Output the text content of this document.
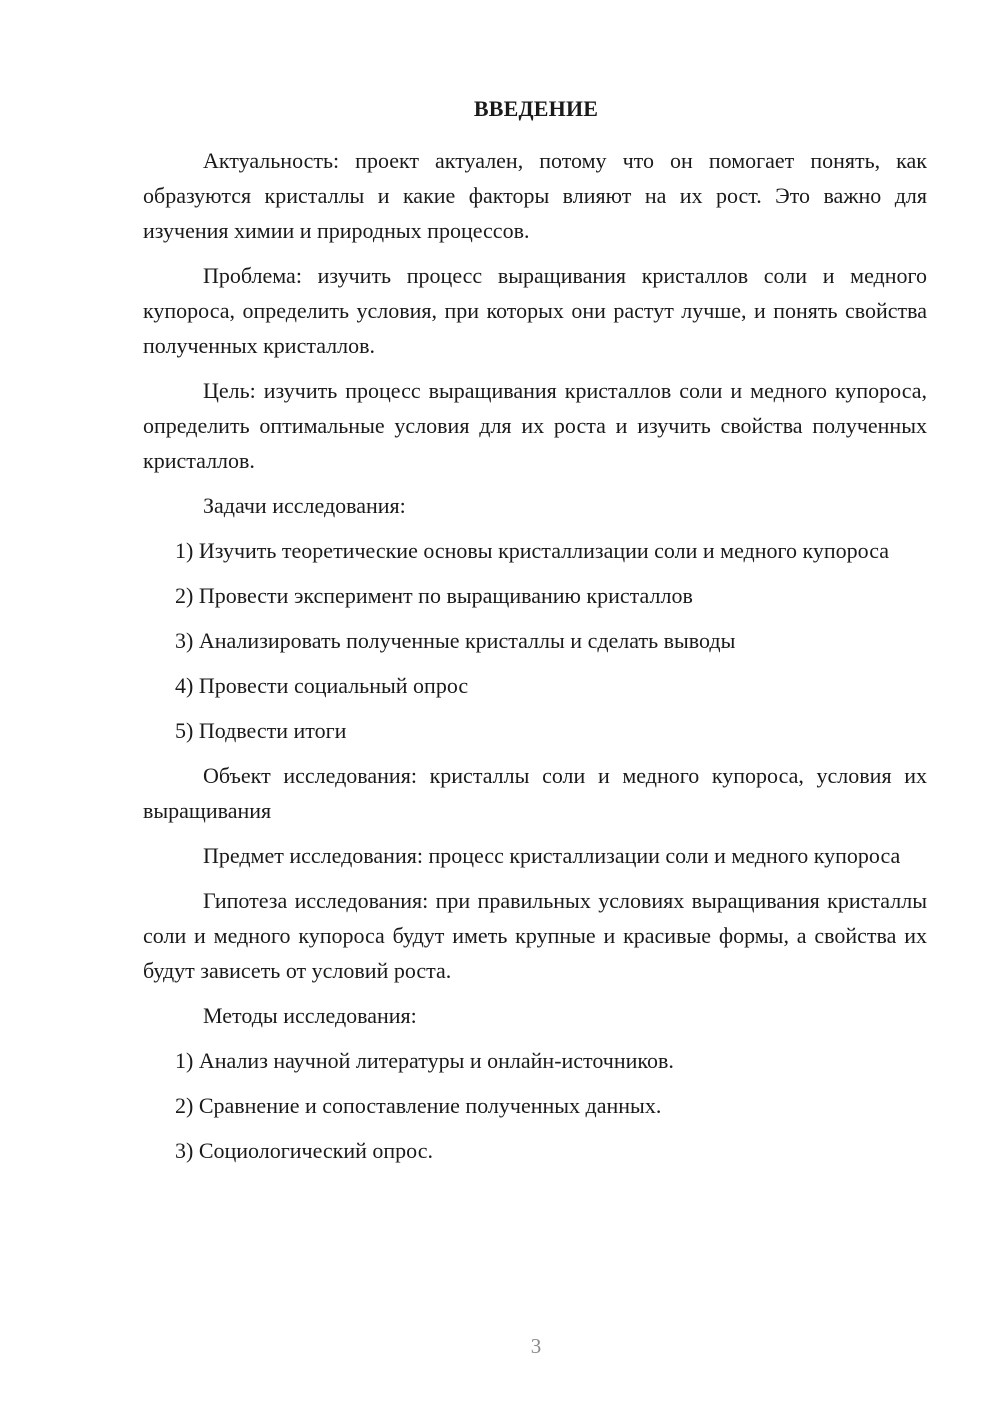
ВВЕДЕНИЕ

Актуальность: проект актуален, потому что он помогает понять, как образуются кристаллы и какие факторы влияют на их рост. Это важно для изучения химии и природных процессов.

Проблема: изучить процесс выращивания кристаллов соли и медного купороса, определить условия, при которых они растут лучше, и понять свойства полученных кристаллов.

Цель: изучить процесс выращивания кристаллов соли и медного купороса, определить оптимальные условия для их роста и изучить свойства полученных кристаллов.

Задачи исследования:

1) Изучить теоретические основы кристаллизации соли и медного купороса

2) Провести эксперимент по выращиванию кристаллов

3) Анализировать полученные кристаллы и сделать выводы

4) Провести социальный опрос

5) Подвести итоги

Объект исследования: кристаллы соли и медного купороса, условия их выращивания

Предмет исследования: процесс кристаллизации соли и медного купороса

Гипотеза исследования: при правильных условиях выращивания кристаллы соли и медного купороса будут иметь крупные и красивые формы, а свойства их будут зависеть от условий роста.

Методы исследования:

1) Анализ научной литературы и онлайн-источников.

2) Сравнение и сопоставление полученных данных.

3) Социологический опрос.

3
